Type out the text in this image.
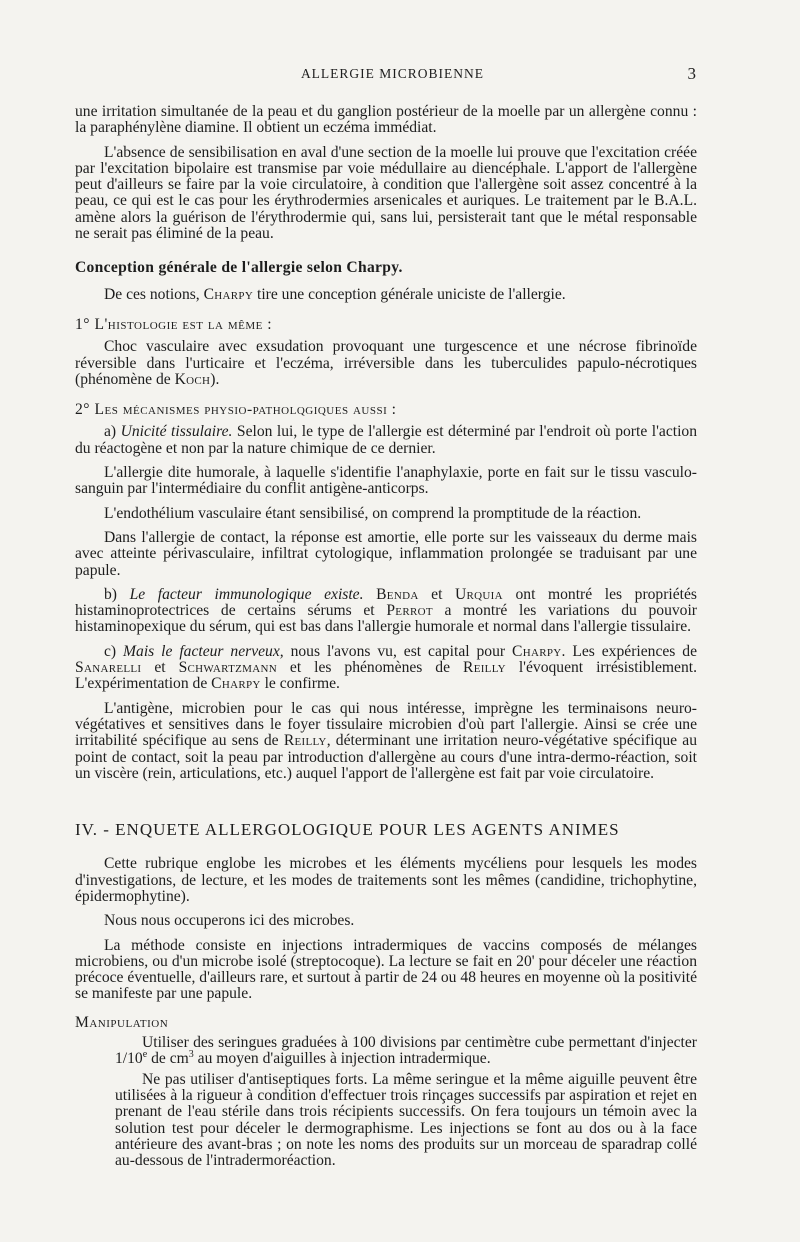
ALLERGIE MICROBIENNE	3

une irritation simultanée de la peau et du ganglion postérieur de la moelle par un allergène connu : la paraphénylène diamine. Il obtient un eczéma immédiat.

L'absence de sensibilisation en aval d'une section de la moelle lui prouve que l'excitation créée par l'excitation bipolaire est transmise par voie médullaire au diencéphale. L'apport de l'allergène peut d'ailleurs se faire par la voie circulatoire, à condition que l'allergène soit assez concentré à la peau, ce qui est le cas pour les érythrodermies arsenicales et auriques. Le traitement par le B.A.L. amène alors la guérison de l'érythrodermie qui, sans lui, persisterait tant que le métal responsable ne serait pas éliminé de la peau.

Conception générale de l'allergie selon Charpy.

De ces notions, Charpy tire une conception générale uniciste de l'allergie.

1° L'histologie est la même :

Choc vasculaire avec exsudation provoquant une turgescence et une nécrose fibrinoïde réversible dans l'urticaire et l'eczéma, irréversible dans les tuberculides papulo-nécrotiques (phénomène de Koch).

2° Les mécanismes physio-patholqgiques aussi :

a) Unicité tissulaire. Selon lui, le type de l'allergie est déterminé par l'endroit où porte l'action du réactogène et non par la nature chimique de ce dernier.

L'allergie dite humorale, à laquelle s'identifie l'anaphylaxie, porte en fait sur le tissu vasculo-sanguin par l'intermédiaire du conflit antigène-anticorps.

L'endothélium vasculaire étant sensibilisé, on comprend la promptitude de la réaction.

Dans l'allergie de contact, la réponse est amortie, elle porte sur les vaisseaux du derme mais avec atteinte périvasculaire, infiltrat cytologique, inflammation prolongée se traduisant par une papule.

b) Le facteur immunologique existe. Benda et Urquia ont montré les propriétés histaminoprotectrices de certains sérums et Perrot a montré les variations du pouvoir histaminopexique du sérum, qui est bas dans l'allergie humorale et normal dans l'allergie tissulaire.

c) Mais le facteur nerveux, nous l'avons vu, est capital pour Charpy. Les expériences de Sanarelli et Schwartzmann et les phénomènes de Reilly l'évoquent irrésistiblement. L'expérimentation de Charpy le confirme.

L'antigène, microbien pour le cas qui nous intéresse, imprègne les terminaisons neuro-végétatives et sensitives dans le foyer tissulaire microbien d'où part l'allergie. Ainsi se crée une irritabilité spécifique au sens de Reilly, déterminant une irritation neuro-végétative spécifique au point de contact, soit la peau par introduction d'allergène au cours d'une intra-dermo-réaction, soit un viscère (rein, articulations, etc.) auquel l'apport de l'allergène est fait par voie circulatoire.

IV. - ENQUETE ALLERGOLOGIQUE POUR LES AGENTS ANIMES

Cette rubrique englobe les microbes et les éléments mycéliens pour lesquels les modes d'investigations, de lecture, et les modes de traitements sont les mêmes (candidine, trichophytine, épidermophytine).

Nous nous occuperons ici des microbes.

La méthode consiste en injections intradermiques de vaccins composés de mélanges microbiens, ou d'un microbe isolé (streptocoque). La lecture se fait en 20' pour déceler une réaction précoce éventuelle, d'ailleurs rare, et surtout à partir de 24 ou 48 heures en moyenne où la positivité se manifeste par une papule.

Manipulation

Utiliser des seringues graduées à 100 divisions par centimètre cube permettant d'injecter 1/10e de $cm^3$ au moyen d'aiguilles à injection intradermique.

Ne pas utiliser d'antiseptiques forts. La même seringue et la même aiguille peuvent être utilisées à la rigueur à condition d'effectuer trois rinçages successifs par aspiration et rejet en prenant de l'eau stérile dans trois récipients successifs. On fera toujours un témoin avec la solution test pour déceler le dermographisme. Les injections se font au dos ou à la face antérieure des avant-bras ; on note les noms des produits sur un morceau de sparadrap collé au-dessous de l'intradermoréaction.
